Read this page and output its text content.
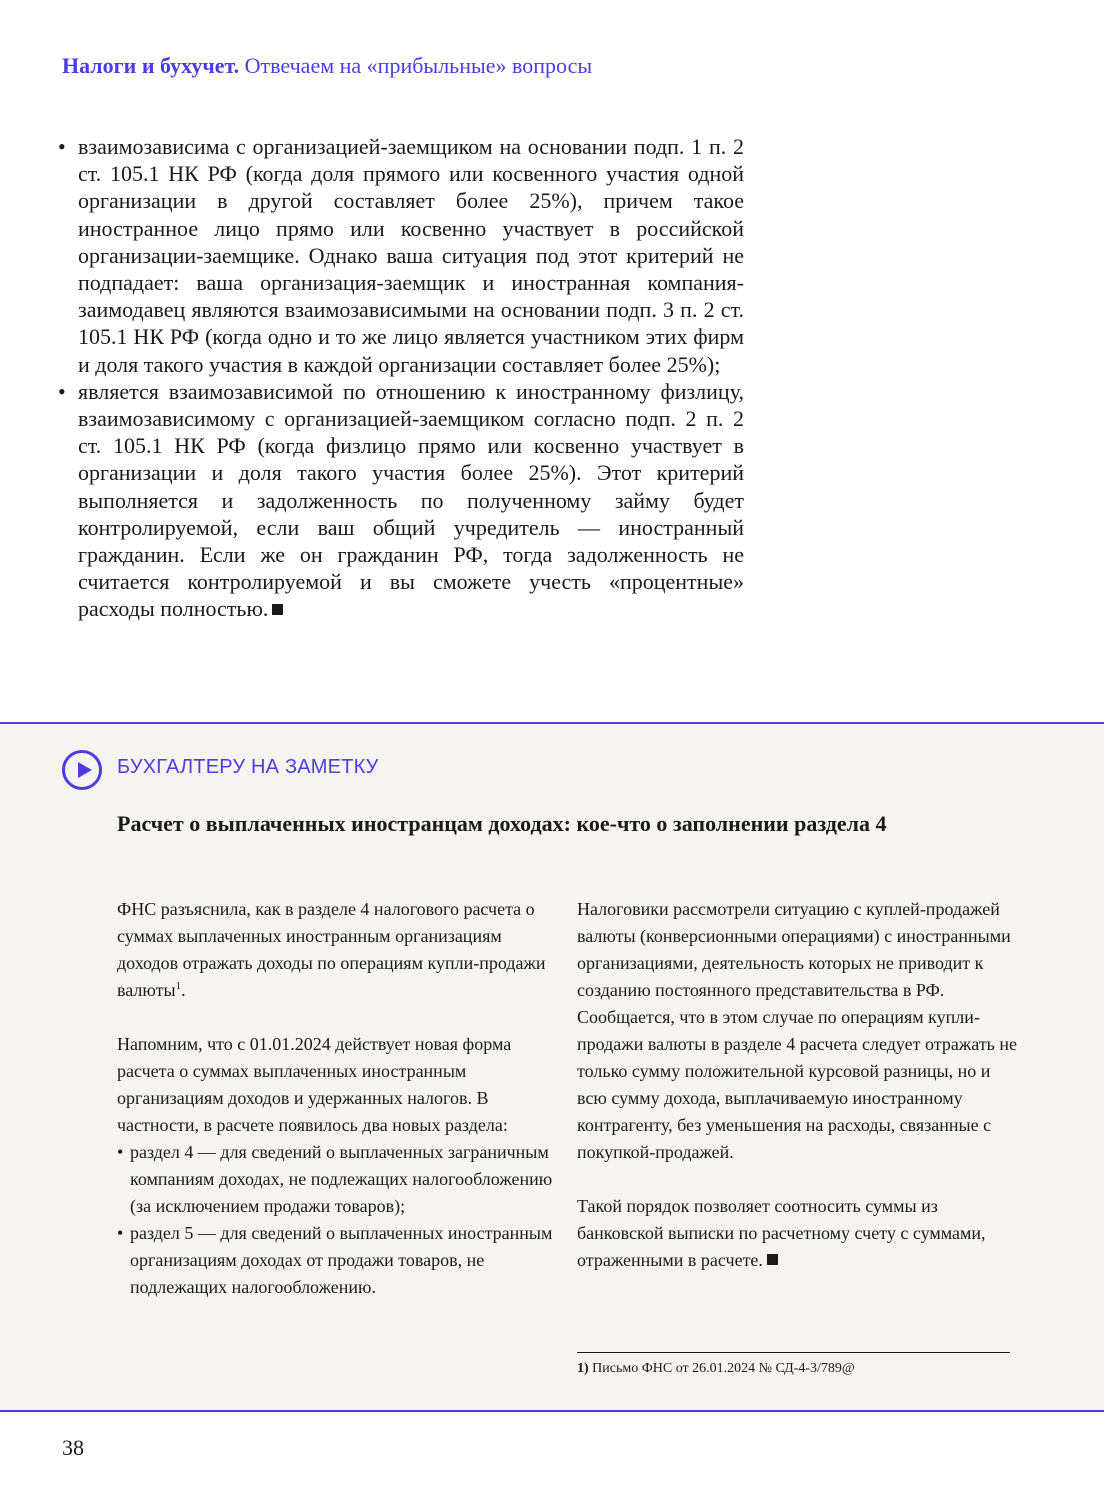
Налоги и бухучет. Отвечаем на «прибыльные» вопросы
• взаимозависима с организацией-заемщиком на основании подп. 1 п. 2 ст. 105.1 НК РФ (когда доля прямого или косвенного участия одной организации в другой составляет более 25%), причем такое иностранное лицо прямо или косвенно участвует в российской организации-заемщике. Однако ваша ситуация под этот критерий не подпадает: ваша организация-заемщик и иностранная компания-заимодавец являются взаимозависимыми на основании подп. 3 п. 2 ст. 105.1 НК РФ (когда одно и то же лицо является участником этих фирм и доля такого участия в каждой организации составляет более 25%);
• является взаимозависимой по отношению к иностранному физлицу, взаимозависимому с организацией-заемщиком согласно подп. 2 п. 2 ст. 105.1 НК РФ (когда физлицо прямо или косвенно участвует в организации и доля такого участия более 25%). Этот критерий выполняется и задолженность по полученному займу будет контролируемой, если ваш общий учредитель — иностранный гражданин. Если же он гражданин РФ, тогда задолженность не считается контролируемой и вы сможете учесть «процентные» расходы полностью.
БУХГАЛТЕРУ НА ЗАМЕТКУ
Расчет о выплаченных иностранцам доходах: кое-что о заполнении раздела 4

ФНС разъяснила, как в разделе 4 налогового расчета о суммах выплаченных иностранным организациям доходов отражать доходы по операциям купли-продажи валюты$^1$.

Напомним, что с 01.01.2024 действует новая форма расчета о суммах выплаченных иностранным организациям доходов и удержанных налогов. В частности, в расчете появилось два новых раздела:

• раздел 4 — для сведений о выплаченных заграничным компаниям доходах, не подлежащих налогообложению (за исключением продажи товаров);
• раздел 5 — для сведений о выплаченных иностранным организациям доходах от продажи товаров, не подлежащих налогообложению.

Налоговики рассмотрели ситуацию с куплей-продажей валюты (конверсионными операциями) с иностранными организациями, деятельность которых не приводит к созданию постоянного представительства в РФ. Сообщается, что в этом случае по операциям купли-продажи валюты в разделе 4 расчета следует отражать не только сумму положительной курсовой разницы, но и всю сумму дохода, выплачиваемую иностранному контрагенту, без уменьшения на расходы, связанные с покупкой-продажей.

Такой порядок позволяет соотносить суммы из банковской выписки по расчетному счету с суммами, отраженными в расчете.

1) Письмо ФНС от 26.01.2024 № СД-4-3/789@
38
